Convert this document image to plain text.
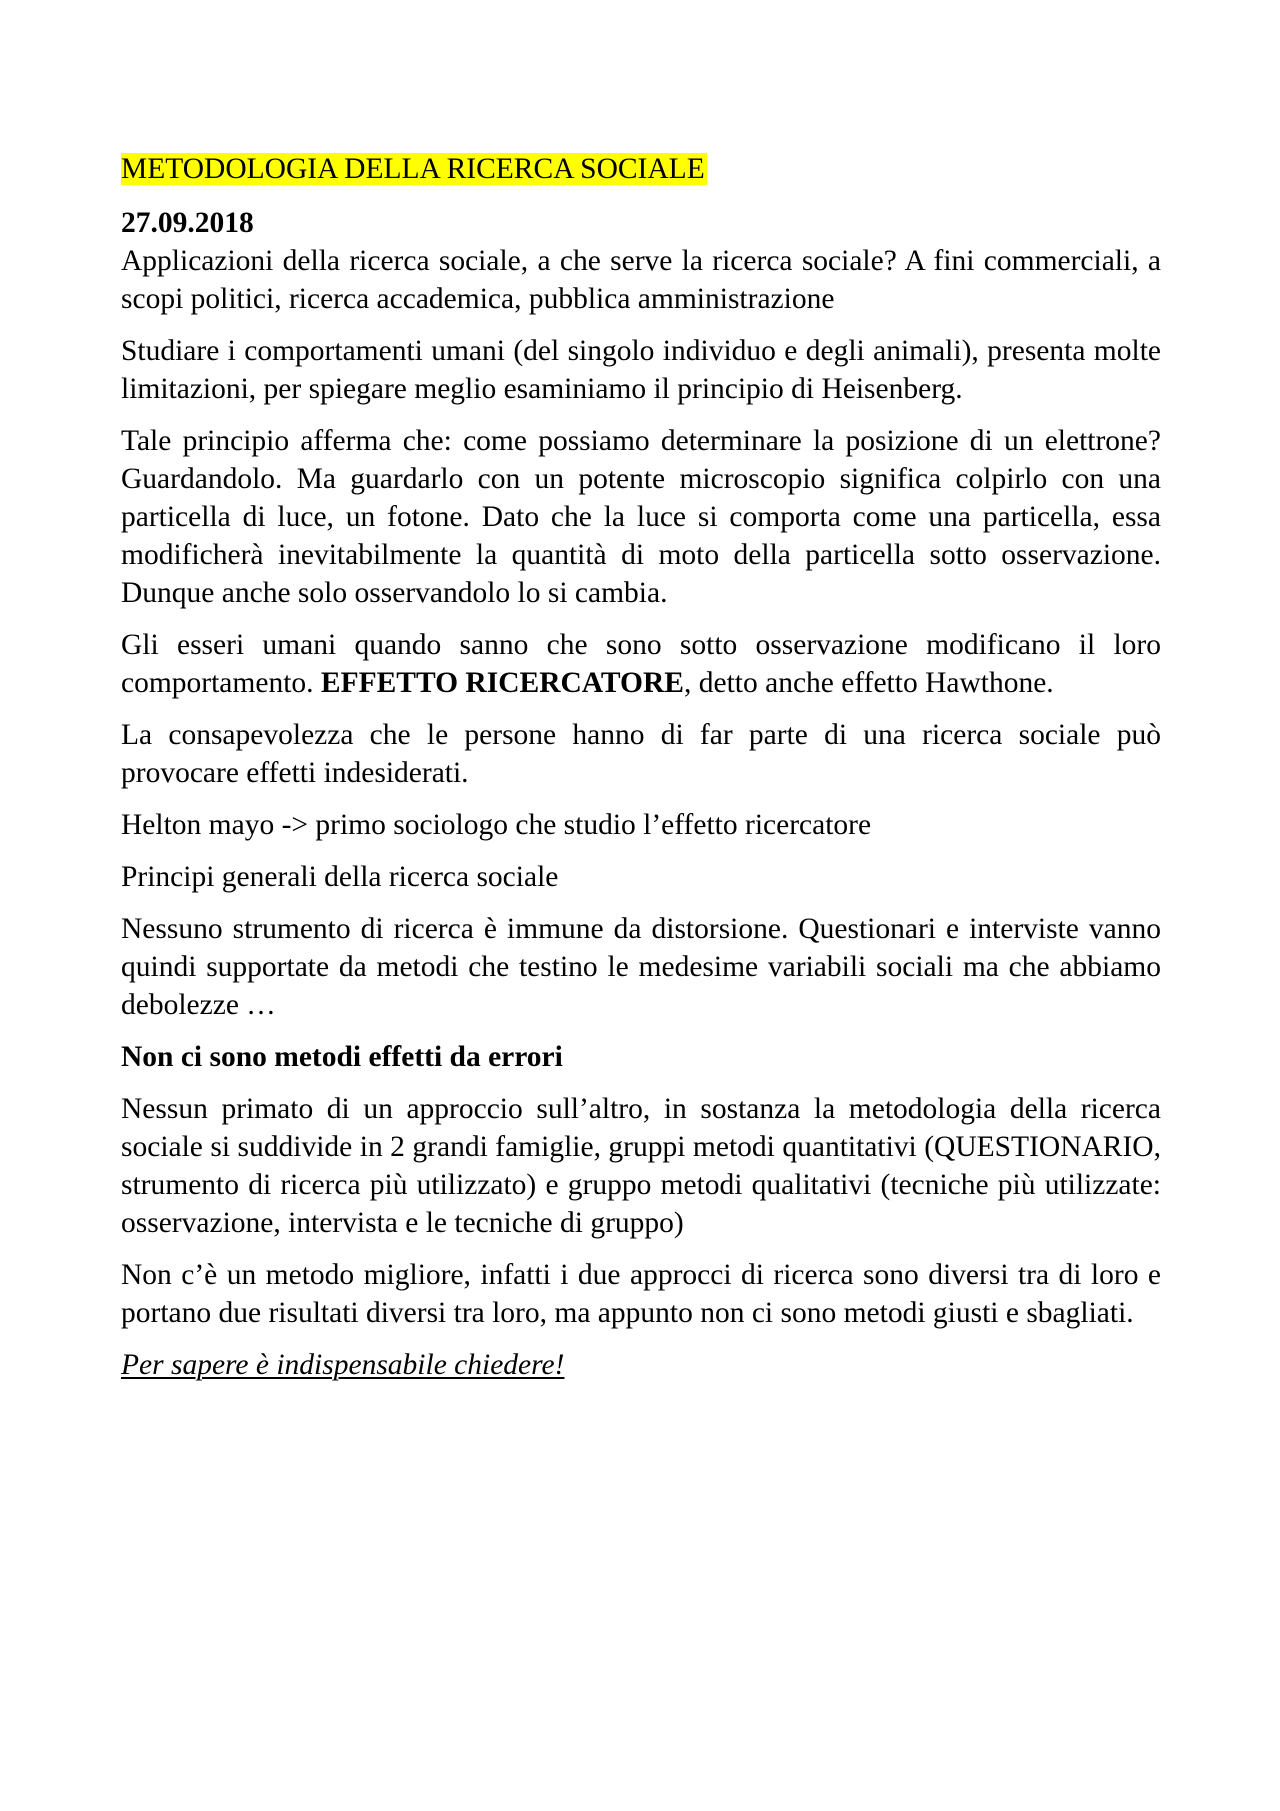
METODOLOGIA DELLA RICERCA SOCIALE
27.09.2018

Applicazioni della ricerca sociale, a che serve la ricerca sociale? A fini commerciali, a scopi politici, ricerca accademica, pubblica amministrazione

Studiare i comportamenti umani (del singolo individuo e degli animali), presenta molte limitazioni, per spiegare meglio esaminiamo il principio di Heisenberg.

Tale principio afferma che: come possiamo determinare la posizione di un elettrone? Guardandolo. Ma guardarlo con un potente microscopio significa colpirlo con una particella di luce, un fotone. Dato che la luce si comporta come una particella, essa modificherà inevitabilmente la quantità di moto della particella sotto osservazione. Dunque anche solo osservandolo lo si cambia.

Gli esseri umani quando sanno che sono sotto osservazione modificano il loro comportamento. EFFETTO RICERCATORE, detto anche effetto Hawthone.

La consapevolezza che le persone hanno di far parte di una ricerca sociale può provocare effetti indesiderati.

Helton mayo -> primo sociologo che studio l’effetto ricercatore

Principi generali della ricerca sociale

Nessuno strumento di ricerca è immune da distorsione. Questionari e interviste vanno quindi supportate da metodi che testino le medesime variabili sociali ma che abbiamo debolezze …

Non ci sono metodi effetti da errori

Nessun primato di un approccio sull’altro, in sostanza la metodologia della ricerca sociale si suddivide in 2 grandi famiglie, gruppi metodi quantitativi (QUESTIONARIO, strumento di ricerca più utilizzato) e gruppo metodi qualitativi (tecniche più utilizzate: osservazione, intervista e le tecniche di gruppo)

Non c’è un metodo migliore, infatti i due approcci di ricerca sono diversi tra di loro e portano due risultati diversi tra loro, ma appunto non ci sono metodi giusti e sbagliati.

Per sapere è indispensabile chiedere!
